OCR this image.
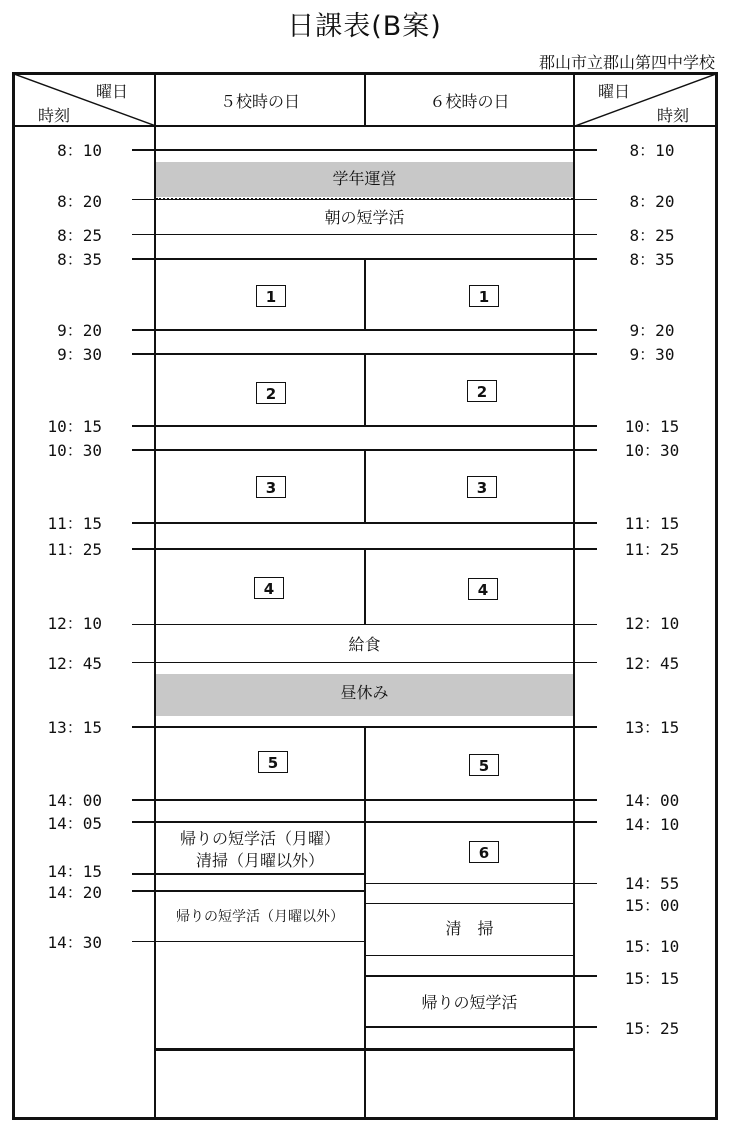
日課表(B案)
郡山市立郡山第四中学校
曜日
時刻
曜日
時刻
５校時の日	６校時の日
8：10
8：20
8：25
8：35
9：20
9：30
10：15
10：30
11：15
11：25
12：10
12：45
13：15
14：00
14：05
14：15
14：20
14：30
8：10
8：20
8：25
8：35
9：20
9：30
10：15
10：30
11：15
11：25
12：10
12：45
13：15
14：00
14：10
14：55
15：00
15：10
15：15
15：25
学年運営
昼休み
朝の短学活
給食
帰りの短学活（月曜）
清掃（月曜以外）
帰りの短学活（月曜以外）
清　掃
帰りの短学活
1
2
3
4
5
1
2
3
4
5
6
